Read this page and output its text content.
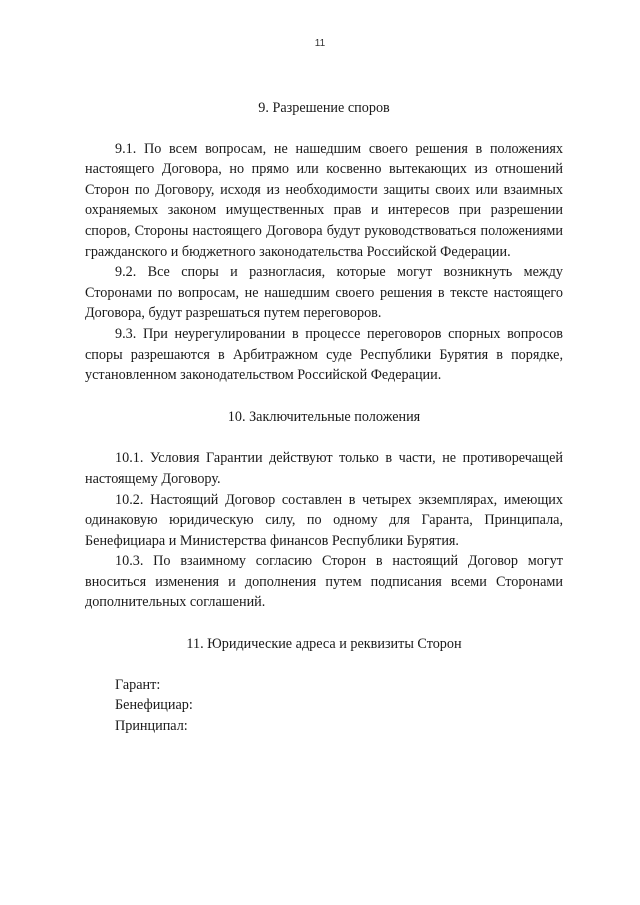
11
9. Разрешение споров

9.1. По всем вопросам, не нашедшим своего решения в положениях настоящего Договора, но прямо или косвенно вытекающих из отношений Сторон по Договору, исходя из необходимости защиты своих или взаимных охраняемых законом имущественных прав и интересов при разрешении споров, Стороны настоящего Договора будут руководствоваться положениями гражданского и бюджетного законодательства Российской Федерации.

9.2. Все споры и разногласия, которые могут возникнуть между Сторонами по вопросам, не нашедшим своего решения в тексте настоящего Договора, будут разрешаться путем переговоров.

9.3. При неурегулировании в процессе переговоров спорных вопросов споры разрешаются в Арбитражном суде Республики Бурятия в порядке, установленном законодательством Российской Федерации.

10. Заключительные положения

10.1. Условия Гарантии действуют только в части, не противоречащей настоящему Договору.

10.2. Настоящий Договор составлен в четырех экземплярах, имеющих одинаковую юридическую силу, по одному для Гаранта, Принципала, Бенефициара и Министерства финансов Республики Бурятия.

10.3. По взаимному согласию Сторон в настоящий Договор могут вноситься изменения и дополнения путем подписания всеми Сторонами дополнительных соглашений.

11. Юридические адреса и реквизиты Сторон
Гарант:
Бенефициар:
Принципал:
